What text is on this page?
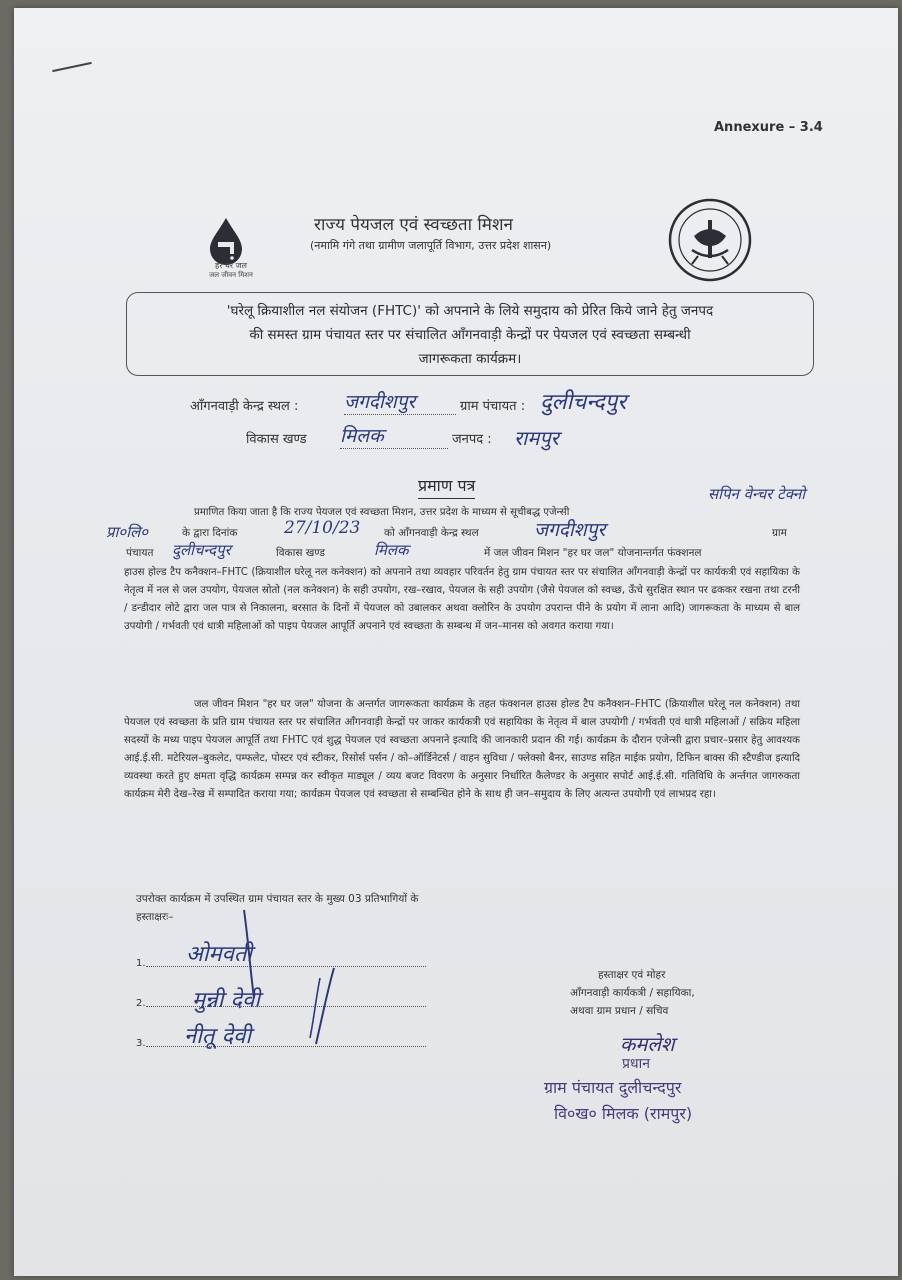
Annexure – 3.4
हर घर जल
जल जीवन मिशन
राज्य पेयजल एवं स्वच्छता मिशन
(नमामि गंगे तथा ग्रामीण जलापूर्ति विभाग, उत्तर प्रदेश शासन)
'घरेलू क्रियाशील नल संयोजन (FHTC)' को अपनाने के लिये समुदाय को प्रेरित किये जाने हेतु जनपद
की समस्त ग्राम पंचायत स्तर पर संचालित आँगनवाड़ी केन्द्रों पर पेयजल एवं स्वच्छता सम्बन्धी
जागरूकता कार्यक्रम।
आँगनवाड़ी केन्द्र स्थल : जगदीशपुर	ग्राम पंचायत : दुलीचन्दपुर
विकास खण्ड मिलक	जनपद : रामपुर
प्रमाण पत्र
प्रमाणित किया जाता है कि राज्य पेयजल एवं स्वच्छता मिशन, उत्तर प्रदेश के माध्यम से सूचीबद्ध एजेन्सी
सपिन वेन्चर टेक्नो
प्रा०लि०	के द्वारा दिनांक	27/10/23 को आँगनवाड़ी केन्द्र स्थल	जगदीशपुर	ग्राम
पंचायत दुलीचन्दपुर	विकास खण्ड	मिलक	में जल जीवन मिशन "हर घर जल" योजनान्तर्गत फंक्शनल
हाउस होल्ड टैप कनैक्शन–FHTC (क्रियाशील घरेलू नल कनेक्शन) को अपनाने तथा व्यवहार परिवर्तन हेतु ग्राम पंचायत स्तर पर संचालित आँगनवाड़ी केन्द्रों पर कार्यकत्री एवं सहायिका के नेतृत्व में नल से जल उपयोग, पेयजल स्रोतो (नल कनेक्शन) के सही उपयोग, रख–रखाव, पेयजल के सही उपयोग (जैसे पेयजल को स्वच्छ, ऊँचे सुरक्षित स्थान पर ढककर रखना तथा टरनी / डन्डीदार लोटे द्वारा जल पात्र से निकालना, बरसात के दिनों में पेयजल को उबालकर अथवा क्लोरिन के उपयोग उपरान्त पीने के प्रयोग में लाना आदि) जागरूकता के माध्यम से बाल उपयोगी / गर्भवती एवं धात्री महिलाओं को पाइप पेयजल आपूर्ति अपनाने एवं स्वच्छता के सम्बन्ध में जन–मानस को अवगत कराया गया।

जल जीवन मिशन "हर घर जल" योजना के अन्तर्गत जागरूकता कार्यक्रम के तहत फंक्शनल हाउस होल्ड टैप कनैक्शन–FHTC (क्रियाशील घरेलू नल कनेक्शन) तथा पेयजल एवं स्वच्छता के प्रति ग्राम पंचायत स्तर पर संचालित आँगनवाड़ी केन्द्रों पर जाकर कार्यकत्री एवं सहायिका के नेतृत्व में बाल उपयोगी / गर्भवती एवं धात्री महिलाओं / सक्रिय महिला सदस्यों के मध्य पाइप पेयजल आपूर्ति तथा FHTC एवं शुद्ध पेयजल एवं स्वच्छता अपनाने इत्यादि की जानकारी प्रदान की गई। कार्यक्रम के दौरान एजेन्सी द्वारा प्रचार–प्रसार हेतु आवश्यक आई.ई.सी. मटेरियल–बुकलेट, पम्फलेट, पोस्टर एवं स्टीकर, रिसोर्स पर्सन / को–ऑर्डिनेटर्स / वाहन सुविधा / फ्लेक्सो बैनर, साउण्ड सहित माईक प्रयोग, टिफिन बाक्स की स्टैण्डीज इत्यादि व्यवस्था करते हुए क्षमता वृद्धि कार्यक्रम सम्पन्न कर स्वीकृत माड्यूल / व्यय बजट विवरण के अनुसार निर्धारित कैलेण्डर के अनुसार सपोर्ट आई.ई.सी. गतिविधि के अर्न्तगत जागरुकता कार्यक्रम मेरी देख–रेख में सम्पादित कराया गया; कार्यक्रम पेयजल एवं स्वच्छता से सम्बन्धित होने के साथ ही जन–समुदाय के लिए अत्यन्त उपयोगी एवं लाभप्रद रहा।

उपरोक्त कार्यक्रम में उपस्थित ग्राम पंचायत स्तर के मुख्य 03 प्रतिभागियों के
हस्ताक्षरः–
1. ओमवती
2. मुन्नी देवी
3. नीतू देवी
हस्ताक्षर एवं मोहर
आँगनवाड़ी कार्यकत्री / सहायिका,
अथवा ग्राम प्रधान / सचिव
कमलेश
प्रधान
ग्राम पंचायत दुलीचन्दपुर
वि०ख० मिलक (रामपुर)
